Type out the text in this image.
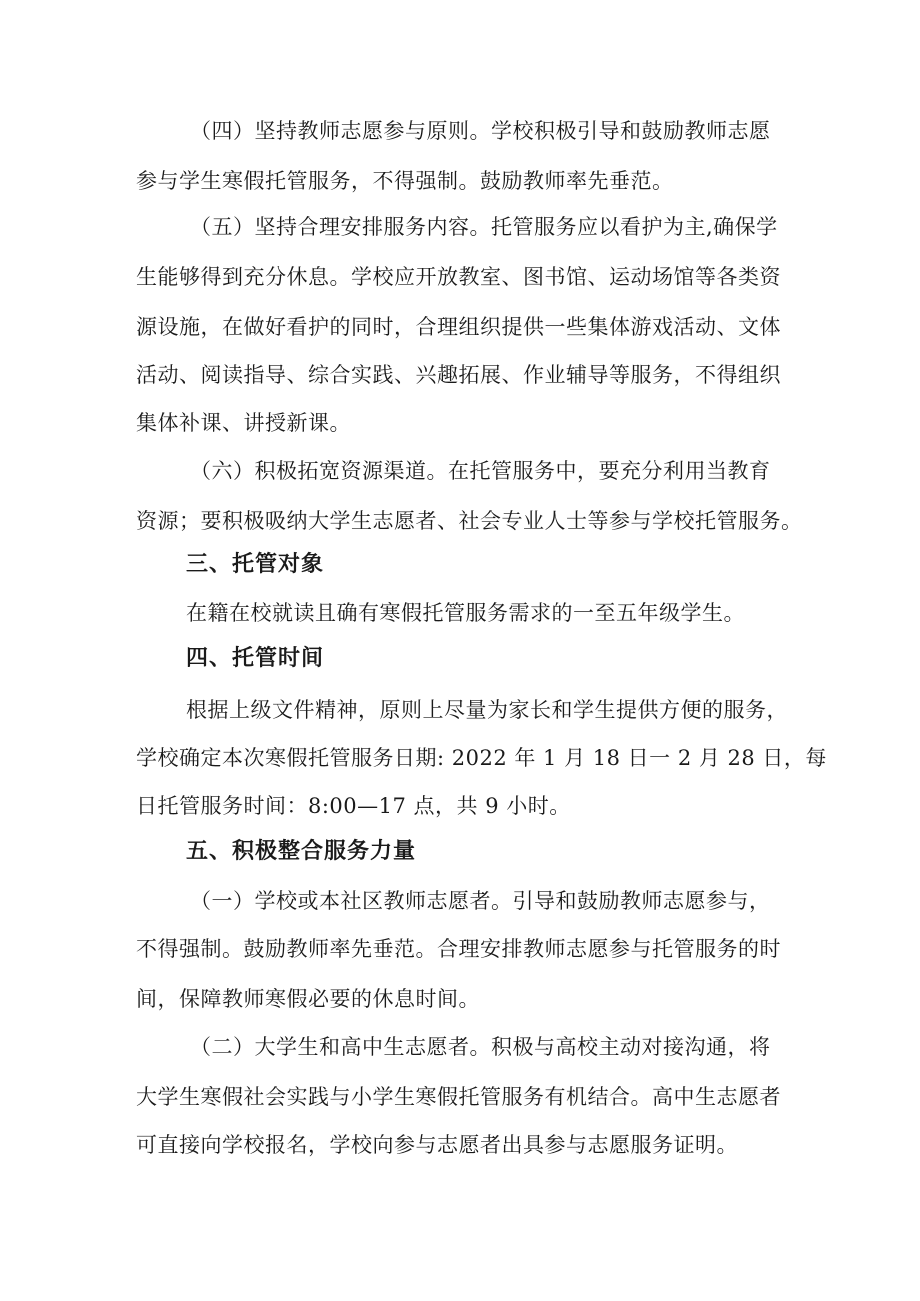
（四）坚持教师志愿参与原则。学校积极引导和鼓励教师志愿
参与学生寒假托管服务，不得强制。鼓励教师率先垂范。
（五）坚持合理安排服务内容。托管服务应以看护为主,确保学
生能够得到充分休息。学校应开放教室、图书馆、运动场馆等各类资
源设施，在做好看护的同时，合理组织提供一些集体游戏活动、文体
活动、阅读指导、综合实践、兴趣拓展、作业辅导等服务，不得组织
集体补课、讲授新课。
（六）积极拓宽资源渠道。在托管服务中，要充分利用当教育
资源；要积极吸纳大学生志愿者、社会专业人士等参与学校托管服务。
三、托管对象
在籍在校就读且确有寒假托管服务需求的一至五年级学生。
四、托管时间
根据上级文件精神，原则上尽量为家长和学生提供方便的服务，
学校确定本次寒假托管服务日期: 2022 年 1 月 18 日一 2 月 28 日，每
日托管服务时间：8:00—17 点，共 9 小时。
五、积极整合服务力量
（一）学校或本社区教师志愿者。引导和鼓励教师志愿参与，
不得强制。鼓励教师率先垂范。合理安排教师志愿参与托管服务的时
间，保障教师寒假必要的休息时间。
（二）大学生和高中生志愿者。积极与高校主动对接沟通，将
大学生寒假社会实践与小学生寒假托管服务有机结合。高中生志愿者
可直接向学校报名，学校向参与志愿者出具参与志愿服务证明。
